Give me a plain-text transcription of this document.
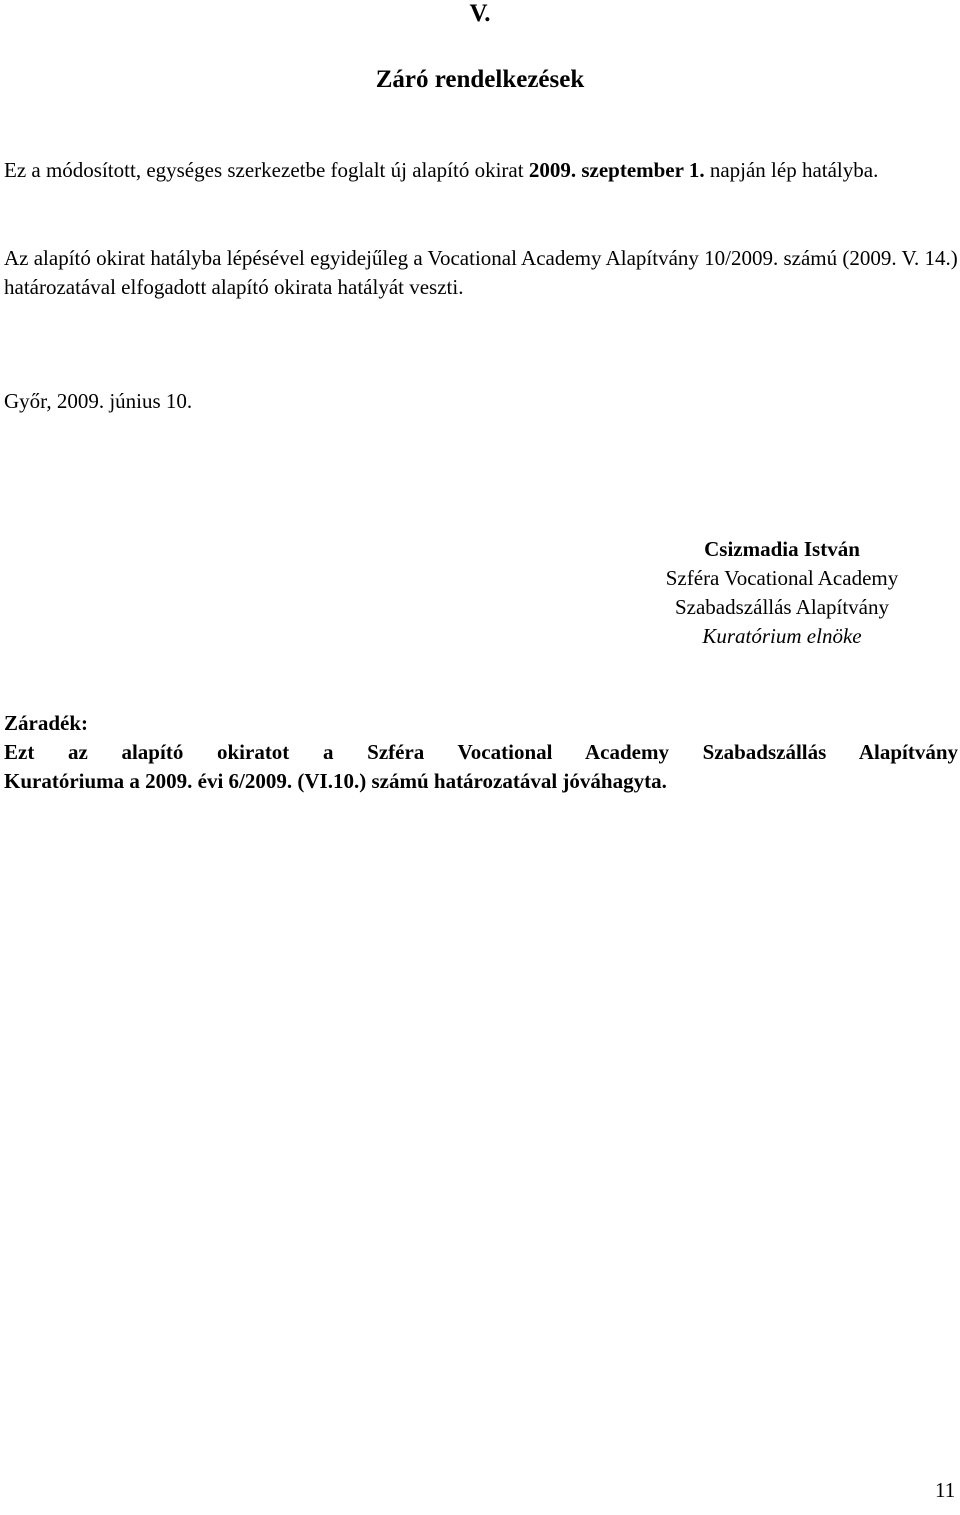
V.
Záró rendelkezések

Ez a módosított, egységes szerkezetbe foglalt új alapító okirat 2009. szeptember 1. napján lép hatályba.

Az alapító okirat hatályba lépésével egyidejűleg a Vocational Academy Alapítvány 10/2009. számú (2009. V. 14.) határozatával elfogadott alapító okirata hatályát veszti.

Győr, 2009. június 10.
Csizmadia István
Szféra Vocational Academy
Szabadszállás Alapítvány
Kuratórium elnöke
Záradék:
Ezt az alapító okiratot a Szféra Vocational Academy Szabadszállás Alapítvány
Kuratóriuma a 2009. évi 6/2009. (VI.10.) számú határozatával jóváhagyta.
11
